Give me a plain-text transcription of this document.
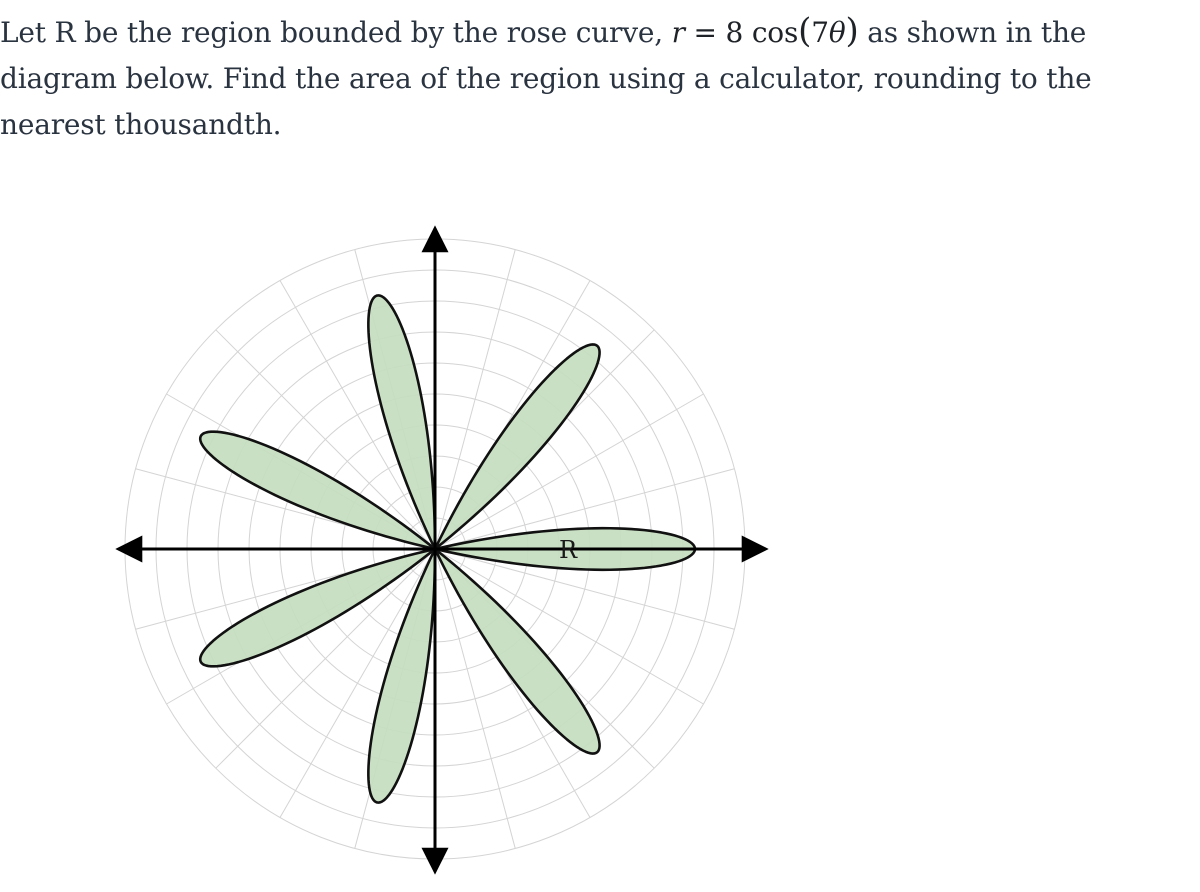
Let R be the region bounded by the rose curve, r = 8 cos(7θ) as shown in the diagram below. Find the area of the region using a calculator, rounding to the nearest thousandth.

R
